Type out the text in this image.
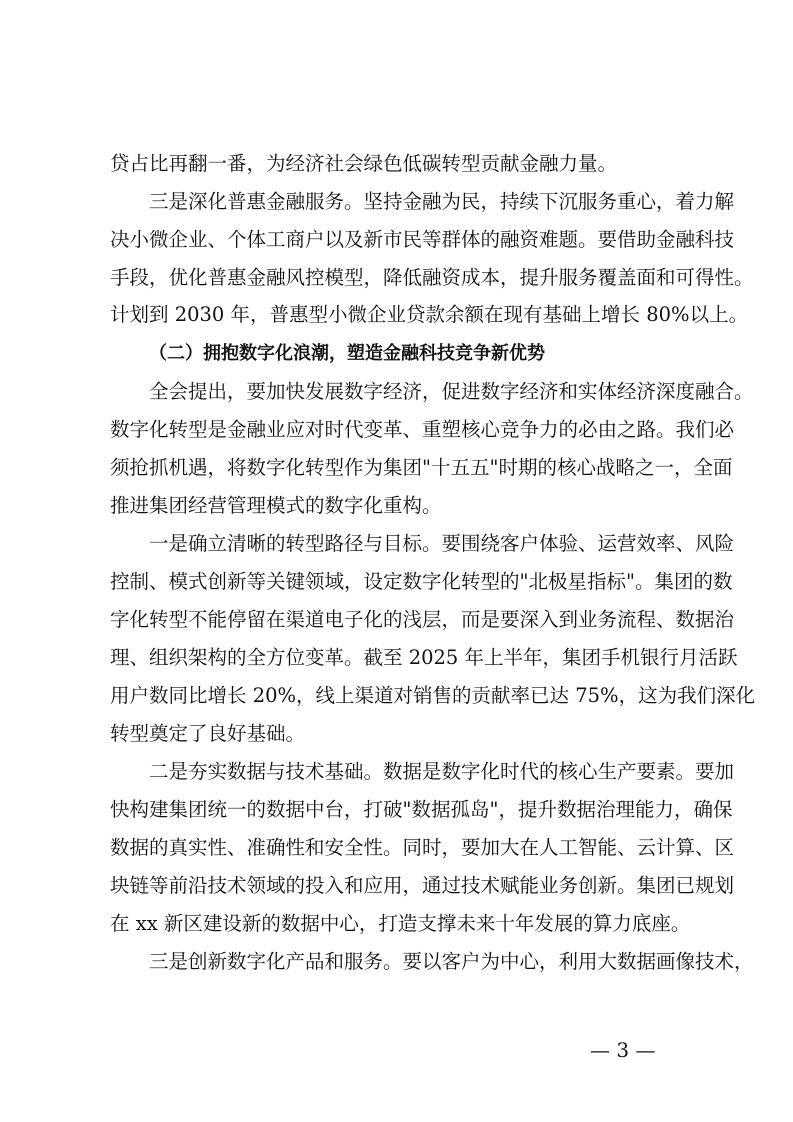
贷占比再翻一番，为经济社会绿色低碳转型贡献金融力量。
三是深化普惠金融服务。坚持金融为民，持续下沉服务重心，着力解
决小微企业、个体工商户以及新市民等群体的融资难题。要借助金融科技
手段，优化普惠金融风控模型，降低融资成本，提升服务覆盖面和可得性。
计划到 2030 年，普惠型小微企业贷款余额在现有基础上增长 80%以上。
（二）拥抱数字化浪潮，塑造金融科技竞争新优势
全会提出，要加快发展数字经济，促进数字经济和实体经济深度融合。
数字化转型是金融业应对时代变革、重塑核心竞争力的必由之路。我们必
须抢抓机遇，将数字化转型作为集团"十五五"时期的核心战略之一，全面
推进集团经营管理模式的数字化重构。
一是确立清晰的转型路径与目标。要围绕客户体验、运营效率、风险
控制、模式创新等关键领域，设定数字化转型的"北极星指标"。集团的数
字化转型不能停留在渠道电子化的浅层，而是要深入到业务流程、数据治
理、组织架构的全方位变革。截至 2025 年上半年，集团手机银行月活跃
用户数同比增长 20%，线上渠道对销售的贡献率已达 75%，这为我们深化
转型奠定了良好基础。
二是夯实数据与技术基础。数据是数字化时代的核心生产要素。要加
快构建集团统一的数据中台，打破"数据孤岛"，提升数据治理能力，确保
数据的真实性、准确性和安全性。同时，要加大在人工智能、云计算、区
块链等前沿技术领域的投入和应用，通过技术赋能业务创新。集团已规划
在 xx 新区建设新的数据中心，打造支撑未来十年发展的算力底座。
三是创新数字化产品和服务。要以客户为中心，利用大数据画像技术，
— 3 —
